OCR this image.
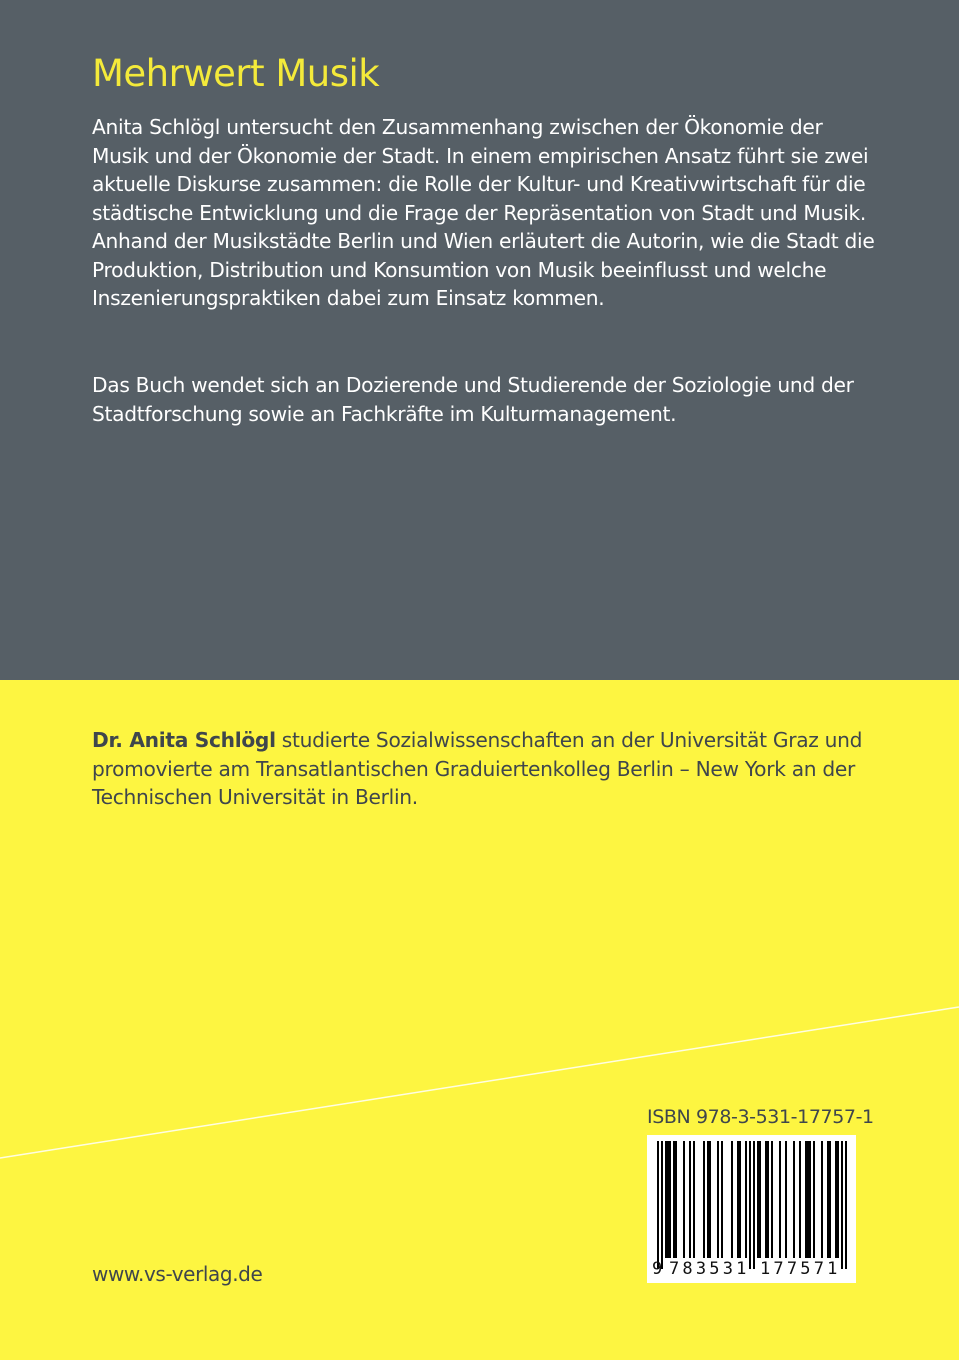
Mehrwert Musik

Anita Schlögl untersucht den Zusammenhang zwischen der Ökonomie der Musik und der Ökonomie der Stadt. In einem empirischen Ansatz führt sie zwei aktuelle Diskurse zusammen: die Rolle der Kultur- und Kreativwirtschaft für die städtische Entwicklung und die Frage der Repräsentation von Stadt und Musik. Anhand der Musikstädte Berlin und Wien erläutert die Autorin, wie die Stadt die Produktion, Distribution und Konsumtion von Musik beeinflusst und welche Inszenierungspraktiken dabei zum Einsatz kommen.

Das Buch wendet sich an Dozierende und Studierende der Soziologie und der Stadtforschung sowie an Fachkräfte im Kulturmanagement.

Dr. Anita Schlögl studierte Sozialwissenschaften an der Universität Graz und promovierte am Transatlantischen Graduiertenkolleg Berlin – New York an der Technischen Universität in Berlin.

ISBN 978-3-531-17757-1

9 783531 177571

www.vs-verlag.de
